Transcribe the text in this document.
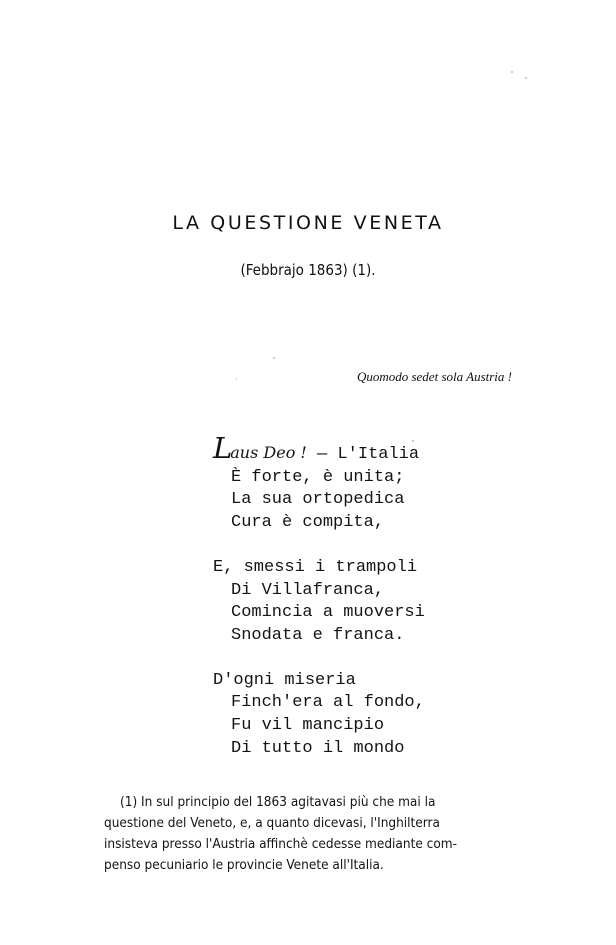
LA QUESTIONE VENETA
(Febbrajo 1863) (1).
Quomodo sedet sola Austria !
Laus Deo ! — L'Italia
È forte, è unita;
La sua ortopedica
Cura è compita,
E, smessi i trampoli
Di Villafranca,
Comincia a muoversi
Snodata e franca.
D'ogni miseria
Finch'era al fondo,
Fu vil mancipio
Di tutto il mondo
(1) In sul principio del 1863 agitavasi più che mai la
questione del Veneto, e, a quanto dicevasi, l'Inghilterra
insisteva presso l'Austria affinchè cedesse mediante com-
penso pecuniario le provincie Venete all'Italia.
